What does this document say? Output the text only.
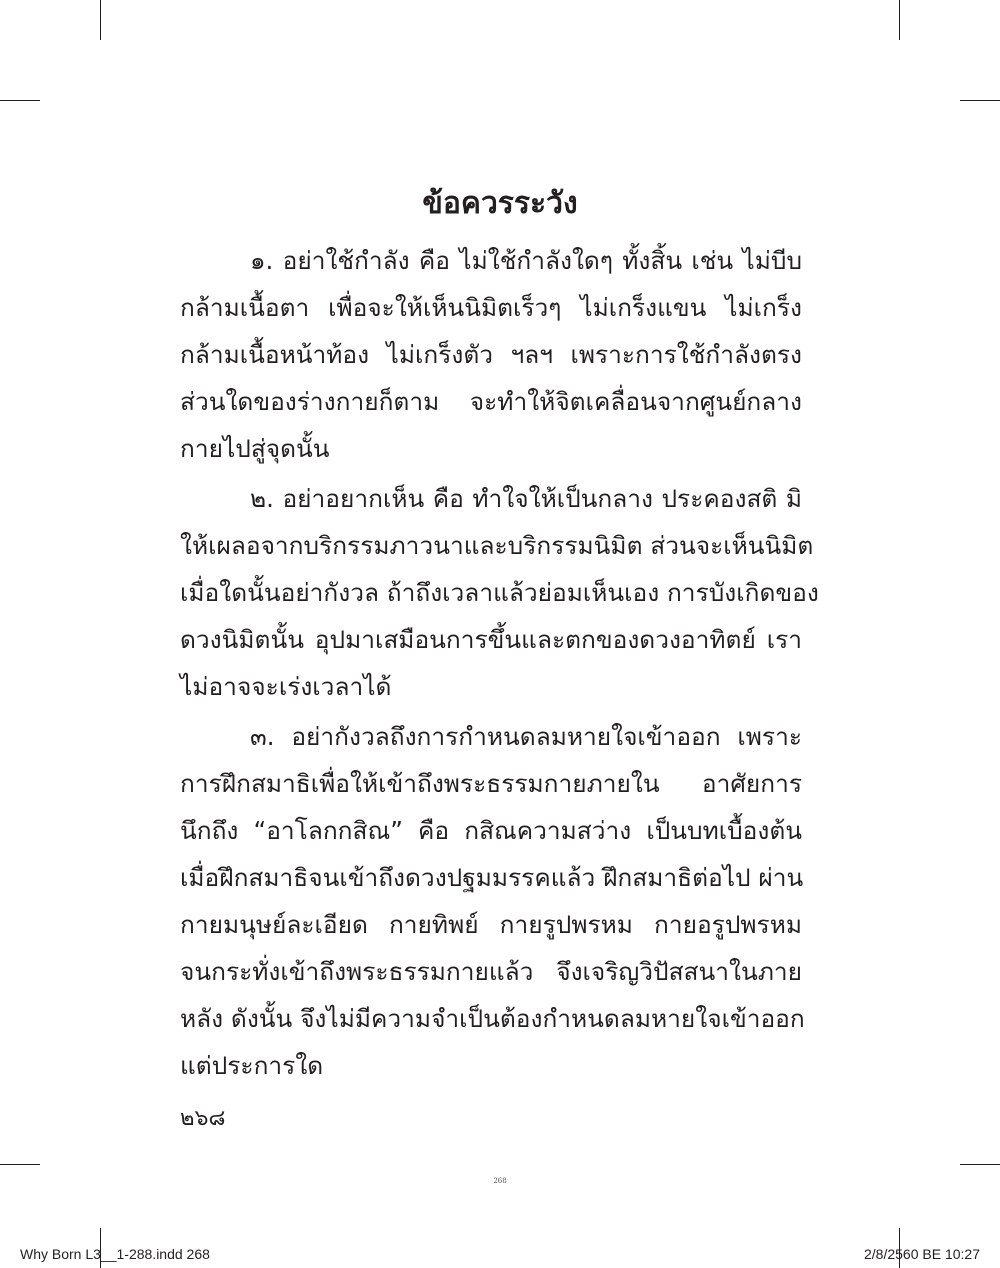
ข้อควรระวัง
๑. อย่าใช้กำลัง คือ ไม่ใช้กำลังใดๆ ทั้งสิ้น เช่น ไม่บีบ
กล้ามเนื้อตา เพื่อจะให้เห็นนิมิตเร็วๆ ไม่เกร็งแขน ไม่เกร็ง
กล้ามเนื้อหน้าท้อง ไม่เกร็งตัว ฯลฯ เพราะการใช้กำลังตรง
ส่วนใดของร่างกายก็ตาม จะทำให้จิตเคลื่อนจากศูนย์กลาง
กายไปสู่จุดนั้น
๒. อย่าอยากเห็น คือ ทำใจให้เป็นกลาง ประคองสติ มิ
ให้เผลอจากบริกรรมภาวนาและบริกรรมนิมิต ส่วนจะเห็นนิมิต
เมื่อใดนั้นอย่ากังวล ถ้าถึงเวลาแล้วย่อมเห็นเอง การบังเกิดของ
ดวงนิมิตนั้น อุปมาเสมือนการขึ้นและตกของดวงอาทิตย์ เรา
ไม่อาจจะเร่งเวลาได้
๓. อย่ากังวลถึงการกำหนดลมหายใจเข้าออก เพราะ
การฝึกสมาธิเพื่อให้เข้าถึงพระธรรมกายภายใน อาศัยการ
นึกถึง “อาโลกกสิณ” คือ กสิณความสว่าง เป็นบทเบื้องต้น
เมื่อฝึกสมาธิจนเข้าถึงดวงปฐมมรรคแล้ว ฝึกสมาธิต่อไป ผ่าน
กายมนุษย์ละเอียด กายทิพย์ กายรูปพรหม กายอรูปพรหม
จนกระทั่งเข้าถึงพระธรรมกายแล้ว จึงเจริญวิปัสสนาในภาย
หลัง ดังนั้น จึงไม่มีความจำเป็นต้องกำหนดลมหายใจเข้าออก
แต่ประการใด
๒๖๘
268
Why Born L3__1-288.indd 268	2/8/2560 BE 10:27
